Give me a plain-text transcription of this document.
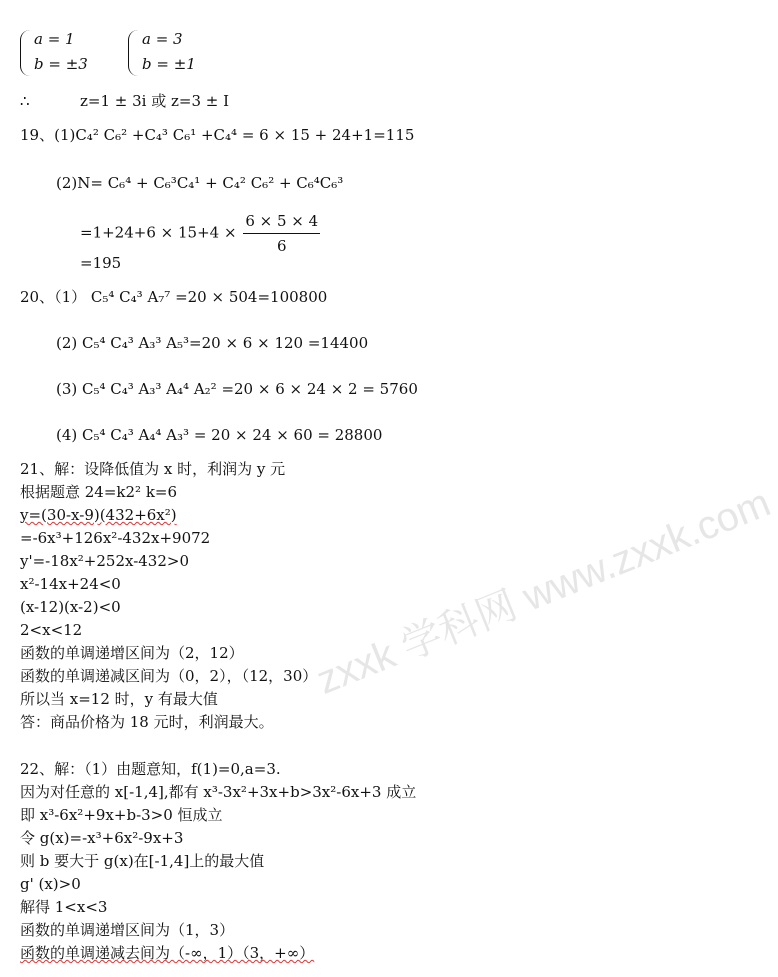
zxxk 学科网 www.zxxk.com
a = 1
b = ±3
a = 3
b = ±1
∴	z=1 ± 3i 或 z=3 ± I
19、(1)C₄² C₆² +C₄³ C₆¹ +C₄⁴ = 6 × 15 + 24+1=115
(2)N= C₆⁴ + C₆³C₄¹ + C₄² C₆² + C₆⁴C₆³
$=1+24+6 \times 15+4 \times \frac{6 \times 5 \times 4}{6}$
=195
20、（1） C₅⁴ C₄³ A₇⁷ =20 × 504=100800
(2) C₅⁴ C₄³ A₃³ A₅³=20 × 6 × 120 =14400
(3) C₅⁴ C₄³ A₃³ A₄⁴ A₂² =20 × 6 × 24 × 2 = 5760
(4) C₅⁴ C₄³ A₄⁴ A₃³ = 20 × 24 × 60 = 28800
21、解：设降低值为 x 时，利润为 y 元
根据题意 24=k2² k=6
y=(30-x-9)(432+6x²)
=-6x³+126x²-432x+9072
y'=-18x²+252x-432>0
x²-14x+24<0
(x-12)(x-2)<0
2<x<12
函数的单调递增区间为（2，12）
函数的单调递减区间为（0，2），（12，30）
所以当 x=12 时，y 有最大值
答：商品价格为 18 元时，利润最大。
22、解：（1）由题意知，f(1)=0,a=3.
因为对任意的 x[-1,4],都有 x³-3x²+3x+b>3x²-6x+3 成立
即 x³-6x²+9x+b-3>0 恒成立
令 g(x)=-x³+6x²-9x+3
则 b 要大于 g(x)在[-1,4]上的最大值
g' (x)>0
解得 1<x<3
函数的单调递增区间为（1，3）
函数的单调递减去间为（-∞，1）（3，+∞）
